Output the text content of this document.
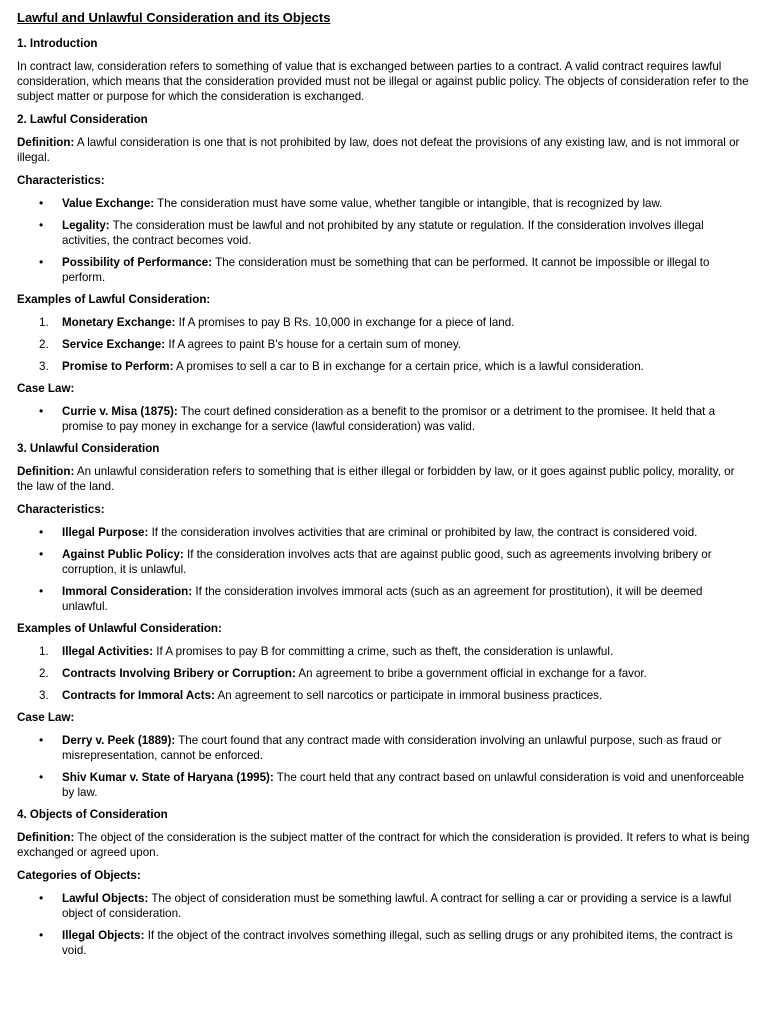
Lawful and Unlawful Consideration and its Objects
1. Introduction

In contract law, consideration refers to something of value that is exchanged between parties to a contract. A valid contract requires lawful consideration, which means that the consideration provided must not be illegal or against public policy. The objects of consideration refer to the subject matter or purpose for which the consideration is exchanged.

2. Lawful Consideration

Definition: A lawful consideration is one that is not prohibited by law, does not defeat the provisions of any existing law, and is not immoral or illegal.

Characteristics:
•	Value Exchange: The consideration must have some value, whether tangible or intangible, that is recognized by law.
•	Legality: The consideration must be lawful and not prohibited by any statute or regulation. If the consideration involves illegal activities, the contract becomes void.
•	Possibility of Performance: The consideration must be something that can be performed. It cannot be impossible or illegal to perform.
Examples of Lawful Consideration:
1.	Monetary Exchange: If A promises to pay B Rs. 10,000 in exchange for a piece of land.
2.	Service Exchange: If A agrees to paint B's house for a certain sum of money.
3.	Promise to Perform: A promises to sell a car to B in exchange for a certain price, which is a lawful consideration.
Case Law:
•	Currie v. Misa (1875): The court defined consideration as a benefit to the promisor or a detriment to the promisee. It held that a promise to pay money in exchange for a service (lawful consideration) was valid.
3. Unlawful Consideration

Definition: An unlawful consideration refers to something that is either illegal or forbidden by law, or it goes against public policy, morality, or the law of the land.

Characteristics:
•	Illegal Purpose: If the consideration involves activities that are criminal or prohibited by law, the contract is considered void.
•	Against Public Policy: If the consideration involves acts that are against public good, such as agreements involving bribery or corruption, it is unlawful.
•	Immoral Consideration: If the consideration involves immoral acts (such as an agreement for prostitution), it will be deemed unlawful.
Examples of Unlawful Consideration:
1.	Illegal Activities: If A promises to pay B for committing a crime, such as theft, the consideration is unlawful.
2.	Contracts Involving Bribery or Corruption: An agreement to bribe a government official in exchange for a favor.
3.	Contracts for Immoral Acts: An agreement to sell narcotics or participate in immoral business practices.
Case Law:
•	Derry v. Peek (1889): The court found that any contract made with consideration involving an unlawful purpose, such as fraud or misrepresentation, cannot be enforced.
•	Shiv Kumar v. State of Haryana (1995): The court held that any contract based on unlawful consideration is void and unenforceable by law.
4. Objects of Consideration

Definition: The object of the consideration is the subject matter of the contract for which the consideration is provided. It refers to what is being exchanged or agreed upon.

Categories of Objects:
•	Lawful Objects: The object of consideration must be something lawful. A contract for selling a car or providing a service is a lawful object of consideration.
•	Illegal Objects: If the object of the contract involves something illegal, such as selling drugs or any prohibited items, the contract is void.
